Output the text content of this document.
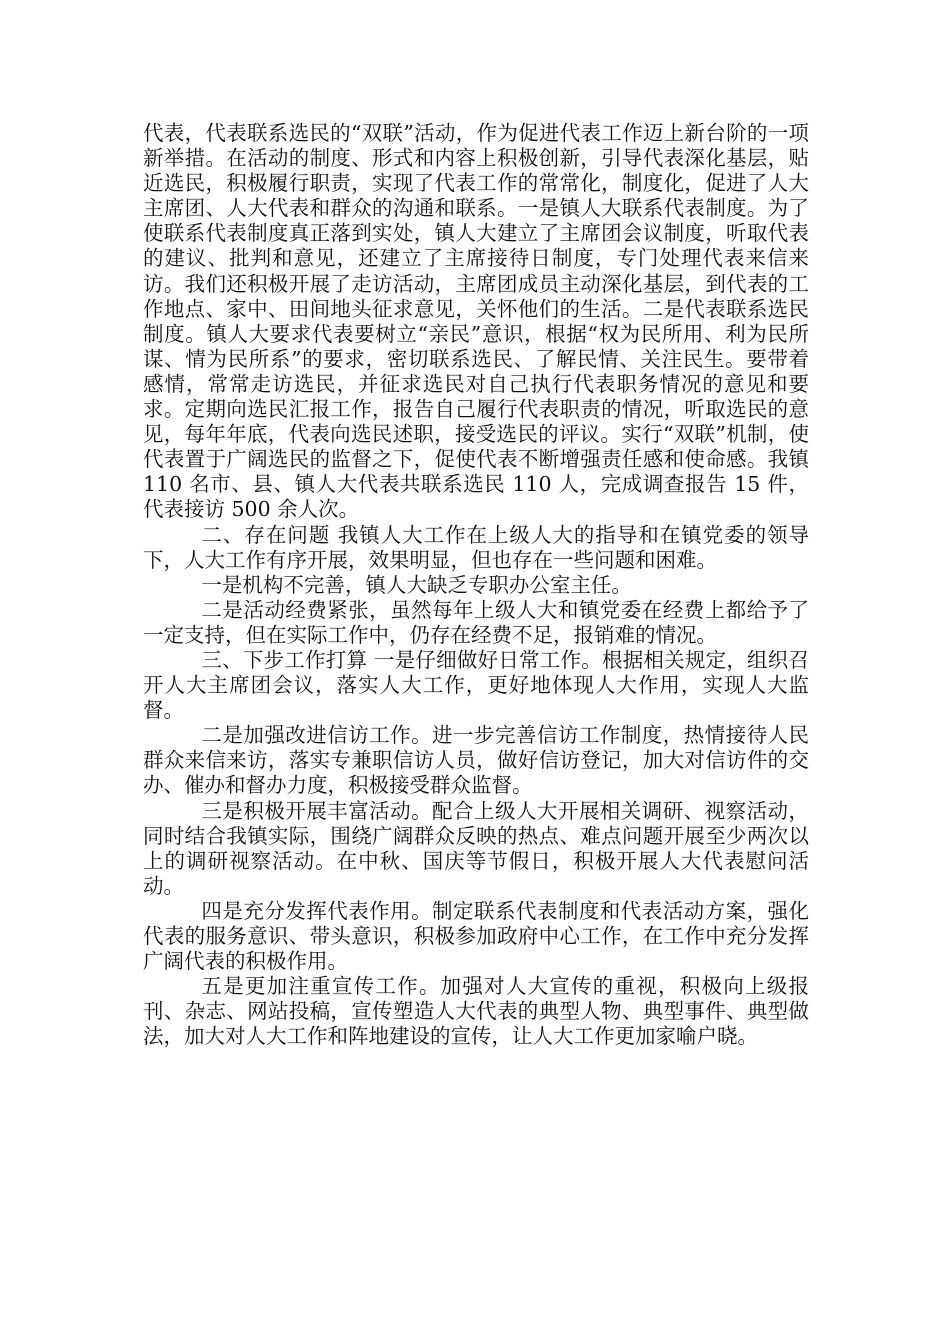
代表，代表联系选民的“双联”活动，作为促进代表工作迈上新台阶的一项新举措。在活动的制度、形式和内容上积极创新，引导代表深化基层，贴近选民，积极履行职责，实现了代表工作的常常化，制度化，促进了人大主席团、人大代表和群众的沟通和联系。一是镇人大联系代表制度。为了使联系代表制度真正落到实处，镇人大建立了主席团会议制度，听取代表的建议、批判和意见，还建立了主席接待日制度，专门处理代表来信来访。我们还积极开展了走访活动，主席团成员主动深化基层，到代表的工作地点、家中、田间地头征求意见，关怀他们的生活。二是代表联系选民制度。镇人大要求代表要树立“亲民”意识，根据“权为民所用、利为民所谋、情为民所系”的要求，密切联系选民、了解民情、关注民生。要带着感情，常常走访选民，并征求选民对自己执行代表职务情况的意见和要求。定期向选民汇报工作，报告自己履行代表职责的情况，听取选民的意见，每年年底，代表向选民述职，接受选民的评议。实行“双联”机制，使代表置于广阔选民的监督之下，促使代表不断增强责任感和使命感。我镇 110 名市、县、镇人大代表共联系选民 110 人，完成调查报告 15 件，代表接访 500 余人次。

二、存在问题 我镇人大工作在上级人大的指导和在镇党委的领导下，人大工作有序开展，效果明显，但也存在一些问题和困难。

一是机构不完善，镇人大缺乏专职办公室主任。

二是活动经费紧张，虽然每年上级人大和镇党委在经费上都给予了一定支持，但在实际工作中，仍存在经费不足，报销难的情况。

三、下步工作打算 一是仔细做好日常工作。根据相关规定，组织召开人大主席团会议，落实人大工作，更好地体现人大作用，实现人大监督。

二是加强改进信访工作。进一步完善信访工作制度，热情接待人民群众来信来访，落实专兼职信访人员，做好信访登记，加大对信访件的交办、催办和督办力度，积极接受群众监督。

三是积极开展丰富活动。配合上级人大开展相关调研、视察活动，同时结合我镇实际，围绕广阔群众反映的热点、难点问题开展至少两次以上的调研视察活动。在中秋、国庆等节假日，积极开展人大代表慰问活动。

四是充分发挥代表作用。制定联系代表制度和代表活动方案，强化代表的服务意识、带头意识，积极参加政府中心工作，在工作中充分发挥广阔代表的积极作用。

五是更加注重宣传工作。加强对人大宣传的重视，积极向上级报刊、杂志、网站投稿，宣传塑造人大代表的典型人物、典型事件、典型做法，加大对人大工作和阵地建设的宣传，让人大工作更加家喻户晓。
